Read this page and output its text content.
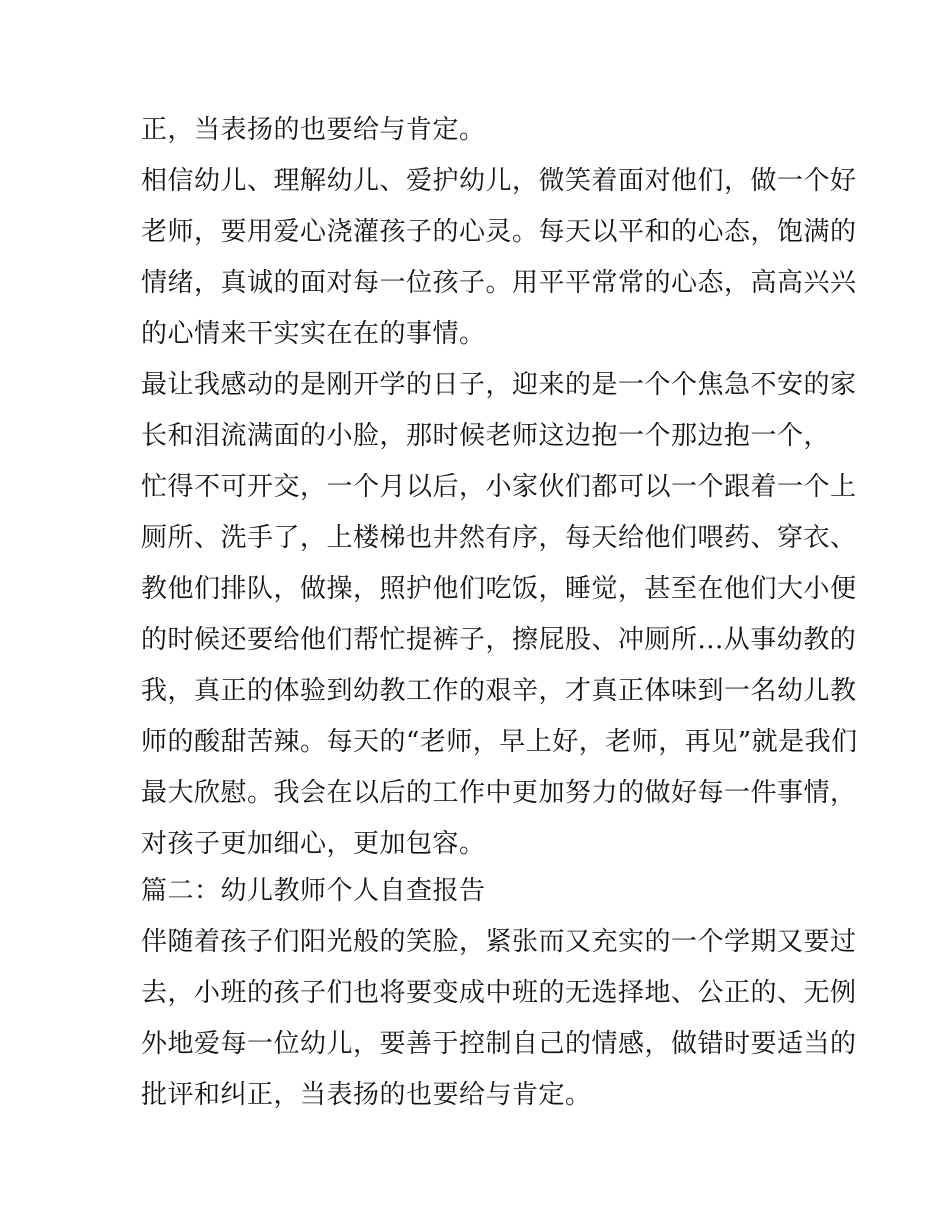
正，当表扬的也要给与肯定。
相信幼儿、理解幼儿、爱护幼儿，微笑着面对他们，做一个好
老师，要用爱心浇灌孩子的心灵。每天以平和的心态，饱满的
情绪，真诚的面对每一位孩子。用平平常常的心态，高高兴兴
的心情来干实实在在的事情。
最让我感动的是刚开学的日子，迎来的是一个个焦急不安的家
长和泪流满面的小脸，那时候老师这边抱一个那边抱一个，
忙得不可开交，一个月以后，小家伙们都可以一个跟着一个上
厕所、洗手了，上楼梯也井然有序，每天给他们喂药、穿衣、
教他们排队，做操，照护他们吃饭，睡觉，甚至在他们大小便
的时候还要给他们帮忙提裤子，擦屁股、冲厕所...从事幼教的
我，真正的体验到幼教工作的艰辛，才真正体味到一名幼儿教
师的酸甜苦辣。每天的“老师，早上好，老师，再见”就是我们
最大欣慰。我会在以后的工作中更加努力的做好每一件事情，
对孩子更加细心，更加包容。
篇二：幼儿教师个人自查报告
伴随着孩子们阳光般的笑脸，紧张而又充实的一个学期又要过
去，小班的孩子们也将要变成中班的无选择地、公正的、无例
外地爱每一位幼儿，要善于控制自己的情感，做错时要适当的
批评和纠正，当表扬的也要给与肯定。
